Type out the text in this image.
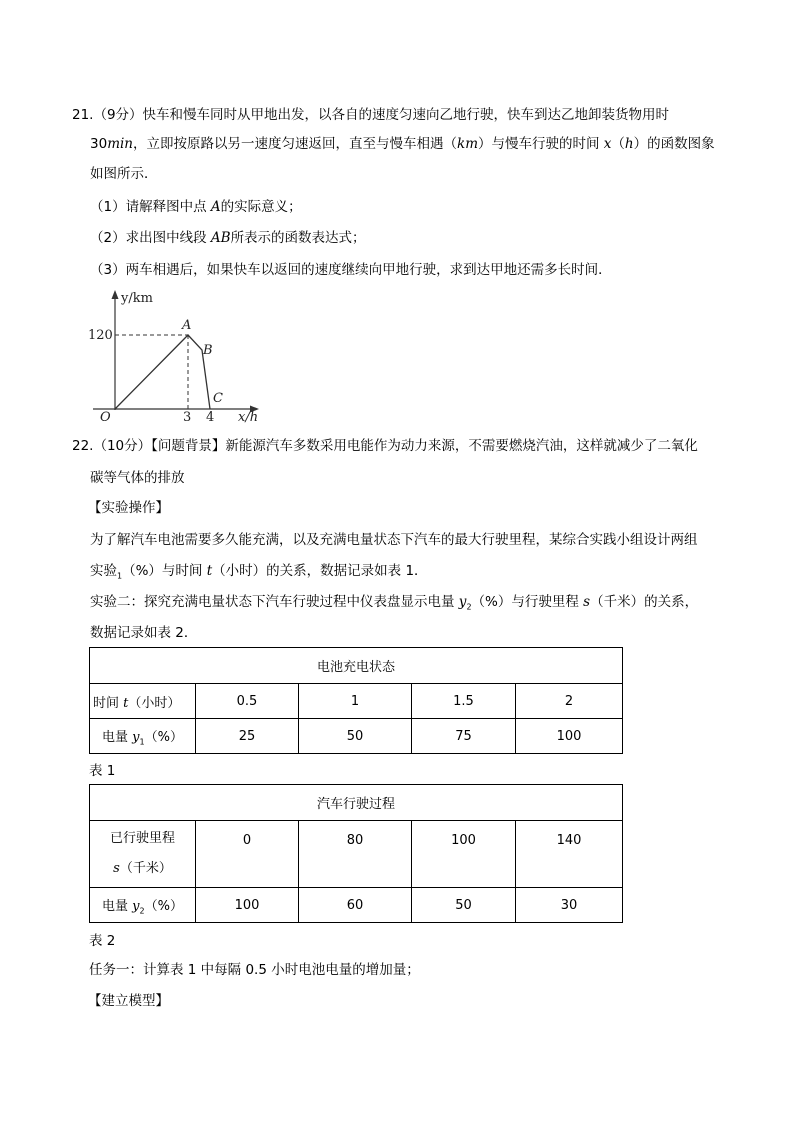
21.（9分）快车和慢车同时从甲地出发，以各自的速度匀速向乙地行驶，快车到达乙地卸装货物用时
30min，立即按原路以另一速度匀速返回，直至与慢车相遇（km）与慢车行驶的时间 x（h）的函数图象
如图所示．
（1）请解释图中点 A的实际意义；
（2）求出图中线段 AB所表示的函数表达式；
（3）两车相遇后，如果快车以返回的速度继续向甲地行驶，求到达甲地还需多长时间．
y/km
120
A
B
C
O	3 4 x/h
22.（10分）【问题背景】新能源汽车多数采用电能作为动力来源，不需要燃烧汽油，这样就减少了二氧化
碳等气体的排放
【实验操作】
为了解汽车电池需要多久能充满，以及充满电量状态下汽车的最大行驶里程，某综合实践小组设计两组
实验$_1$（%）与时间 t（小时）的关系，数据记录如表 1．
实验二：探究充满电量状态下汽车行驶过程中仪表盘显示电量 $y_2(\%)$与行驶里程 s（千米）的关系，
数据记录如表 2．
电池充电状态				
时间 t（小时）	0.5	1	1.5	2
电量 $y_1(\%)$	25	50	75	100
表 1
汽车行驶过程				

已行驶里程
s（千米）	0	80	100	140
电量 $y_2(\%)$	100	60	50	30
表 2
任务一：计算表 1 中每隔 0.5 小时电池电量的增加量；
【建立模型】
